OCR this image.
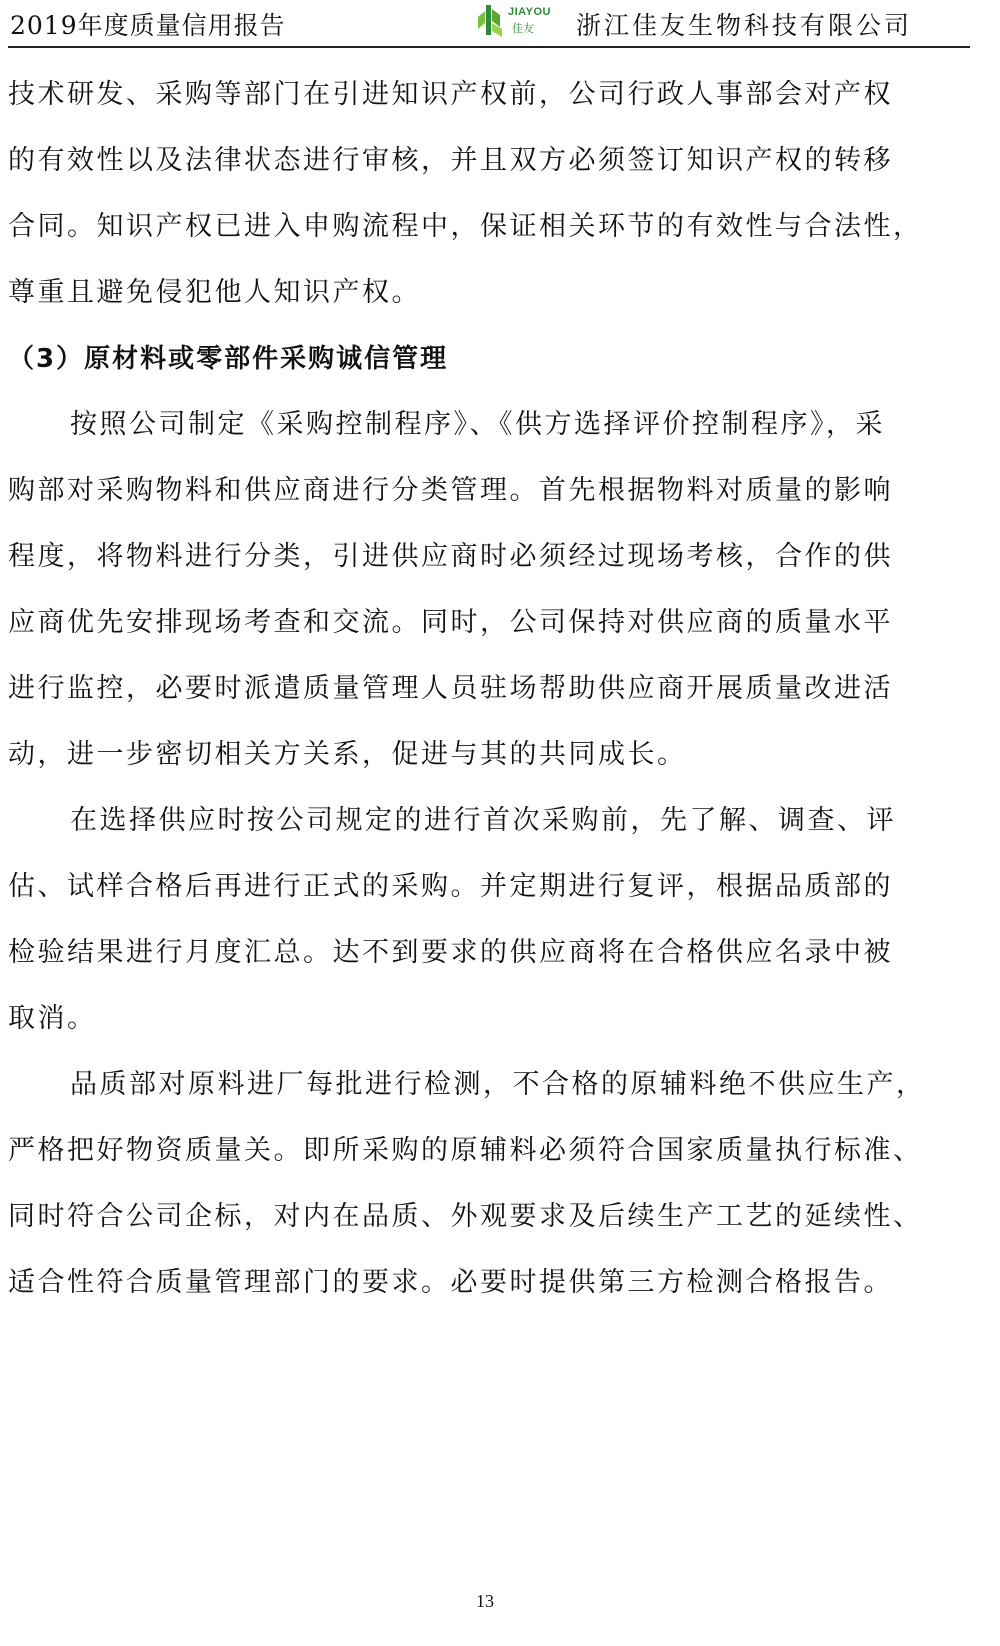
2019年度质量信用报告	JIAYOU
佳友 浙江佳友生物科技有限公司
技术研发、采购等部门在引进知识产权前，公司行政人事部会对产权
的有效性以及法律状态进行审核，并且双方必须签订知识产权的转移
合同。知识产权已进入申购流程中，保证相关环节的有效性与合法性，
尊重且避免侵犯他人知识产权。
（3）原材料或零部件采购诚信管理
按照公司制定《采购控制程序》、《供方选择评价控制程序》，采
购部对采购物料和供应商进行分类管理。首先根据物料对质量的影响
程度，将物料进行分类，引进供应商时必须经过现场考核，合作的供
应商优先安排现场考查和交流。同时，公司保持对供应商的质量水平
进行监控，必要时派遣质量管理人员驻场帮助供应商开展质量改进活
动，进一步密切相关方关系，促进与其的共同成长。
在选择供应时按公司规定的进行首次采购前，先了解、调查、评
估、试样合格后再进行正式的采购。并定期进行复评，根据品质部的
检验结果进行月度汇总。达不到要求的供应商将在合格供应名录中被
取消。
品质部对原料进厂每批进行检测，不合格的原辅料绝不供应生产，
严格把好物资质量关。即所采购的原辅料必须符合国家质量执行标准、
同时符合公司企标，对内在品质、外观要求及后续生产工艺的延续性、
适合性符合质量管理部门的要求。必要时提供第三方检测合格报告。
13
